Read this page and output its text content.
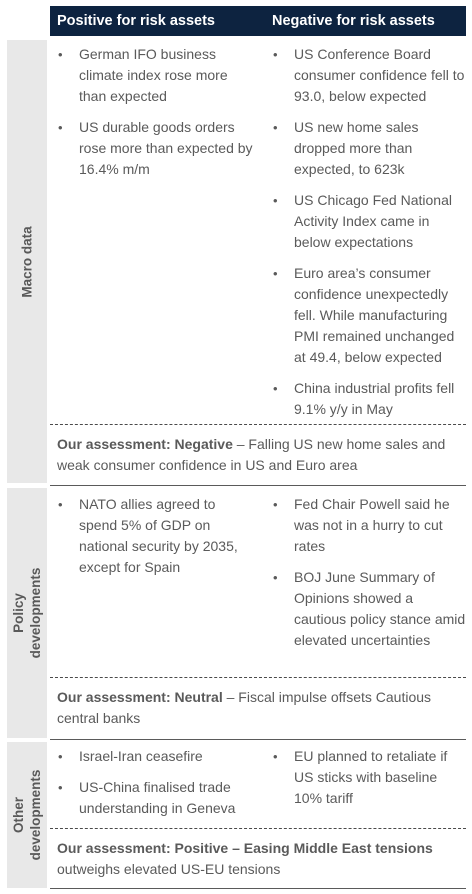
Positive for risk assets	Negative for risk assets
Macro data
• German IFO business climate index rose more than expected
• US durable goods orders rose more than expected by 16.4% m/m
• US Conference Board consumer confidence fell to 93.0, below expected
• US new home sales dropped more than expected, to 623k
• US Chicago Fed National Activity Index came in below expectations
• Euro area’s consumer confidence unexpectedly fell. While manufacturing PMI remained unchanged at 49.4, below expected
• China industrial profits fell 9.1% y/y in May
Our assessment: Negative – Falling US new home sales and weak consumer confidence in US and Euro area
Policy developments
• NATO allies agreed to spend 5% of GDP on national security by 2035, except for Spain
• Fed Chair Powell said he was not in a hurry to cut rates
• BOJ June Summary of Opinions showed a cautious policy stance amid elevated uncertainties
Our assessment: Neutral – Fiscal impulse offsets Cautious central banks
Other developments
• Israel-Iran ceasefire
• US-China finalised trade understanding in Geneva
• EU planned to retaliate if US sticks with baseline 10% tariff
Our assessment: Positive – Easing Middle East tensions outweighs elevated US-EU tensions
